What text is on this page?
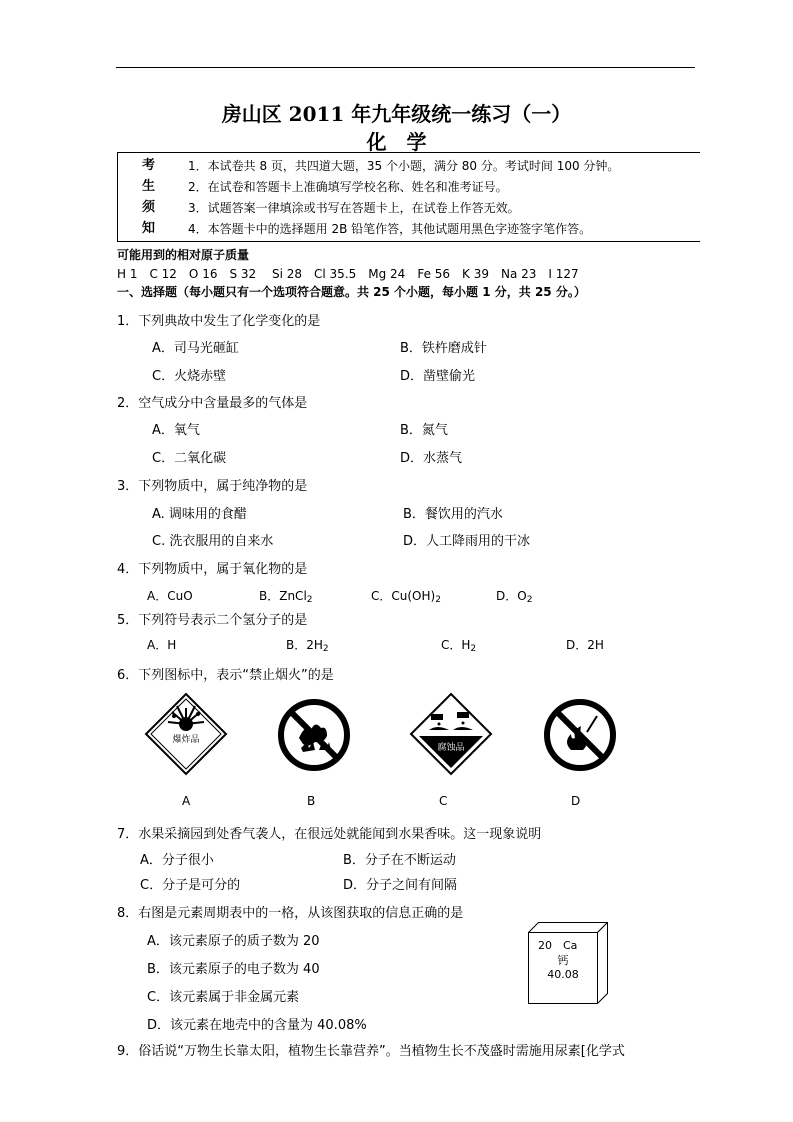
房山区 2011 年九年级统一练习（一）
化　学
考	1．本试卷共 8 页，共四道大题，35 个小题，满分 80 分。考试时间 100 分钟。
生	2．在试卷和答题卡上准确填写学校名称、姓名和准考证号。
须	3．试题答案一律填涂或书写在答题卡上，在试卷上作答无效。
知	4．本答题卡中的选择题用 2B 铅笔作答，其他试题用黑色字迹签字笔作答。
可能用到的相对原子质量
H 1　C 12　O 16　S 32　 Si 28　Cl 35.5　Mg 24　Fe 56　K 39　Na 23　I 127
一、选择题（每小题只有一个选项符合题意。共 25 个小题，每小题 1 分，共 25 分。）
1．下列典故中发生了化学变化的是
A．司马光砸缸	B．铁杵磨成针
C．火烧赤壁	D．凿壁偷光
2．空气成分中含量最多的气体是
A．氧气	B．氮气
C．二氧化碳	D．水蒸气
3．下列物质中，属于纯净物的是
A. 调味用的食醋	B．餐饮用的汽水
C. 洗衣服用的自来水	D．人工降雨用的干冰
4．下列物质中，属于氧化物的是
A．CuO	B．ZnCl$_2$	C．$Cu(OH)_2$	D．$O_2$
5．下列符号表示二个氢分子的是
A．H	B．$2H_2$	C．$H_2$	D．2H
6．下列图标中，表示“禁止烟火”的是
爆炸品
腐蚀品
A	B	C	D
7．水果采摘园到处香气袭人，在很远处就能闻到水果香味。这一现象说明
A．分子很小	B．分子在不断运动
C．分子是可分的	D．分子之间有间隔
8．右图是元素周期表中的一格，从该图获取的信息正确的是
A．该元素原子的质子数为 20
B．该元素原子的电子数为 40
C．该元素属于非金属元素
D．该元素在地壳中的含量为 40.08%
20　Ca
钙
40.08
9．俗话说“万物生长靠太阳，植物生长靠营养”。当植物生长不茂盛时需施用尿素[化学式
